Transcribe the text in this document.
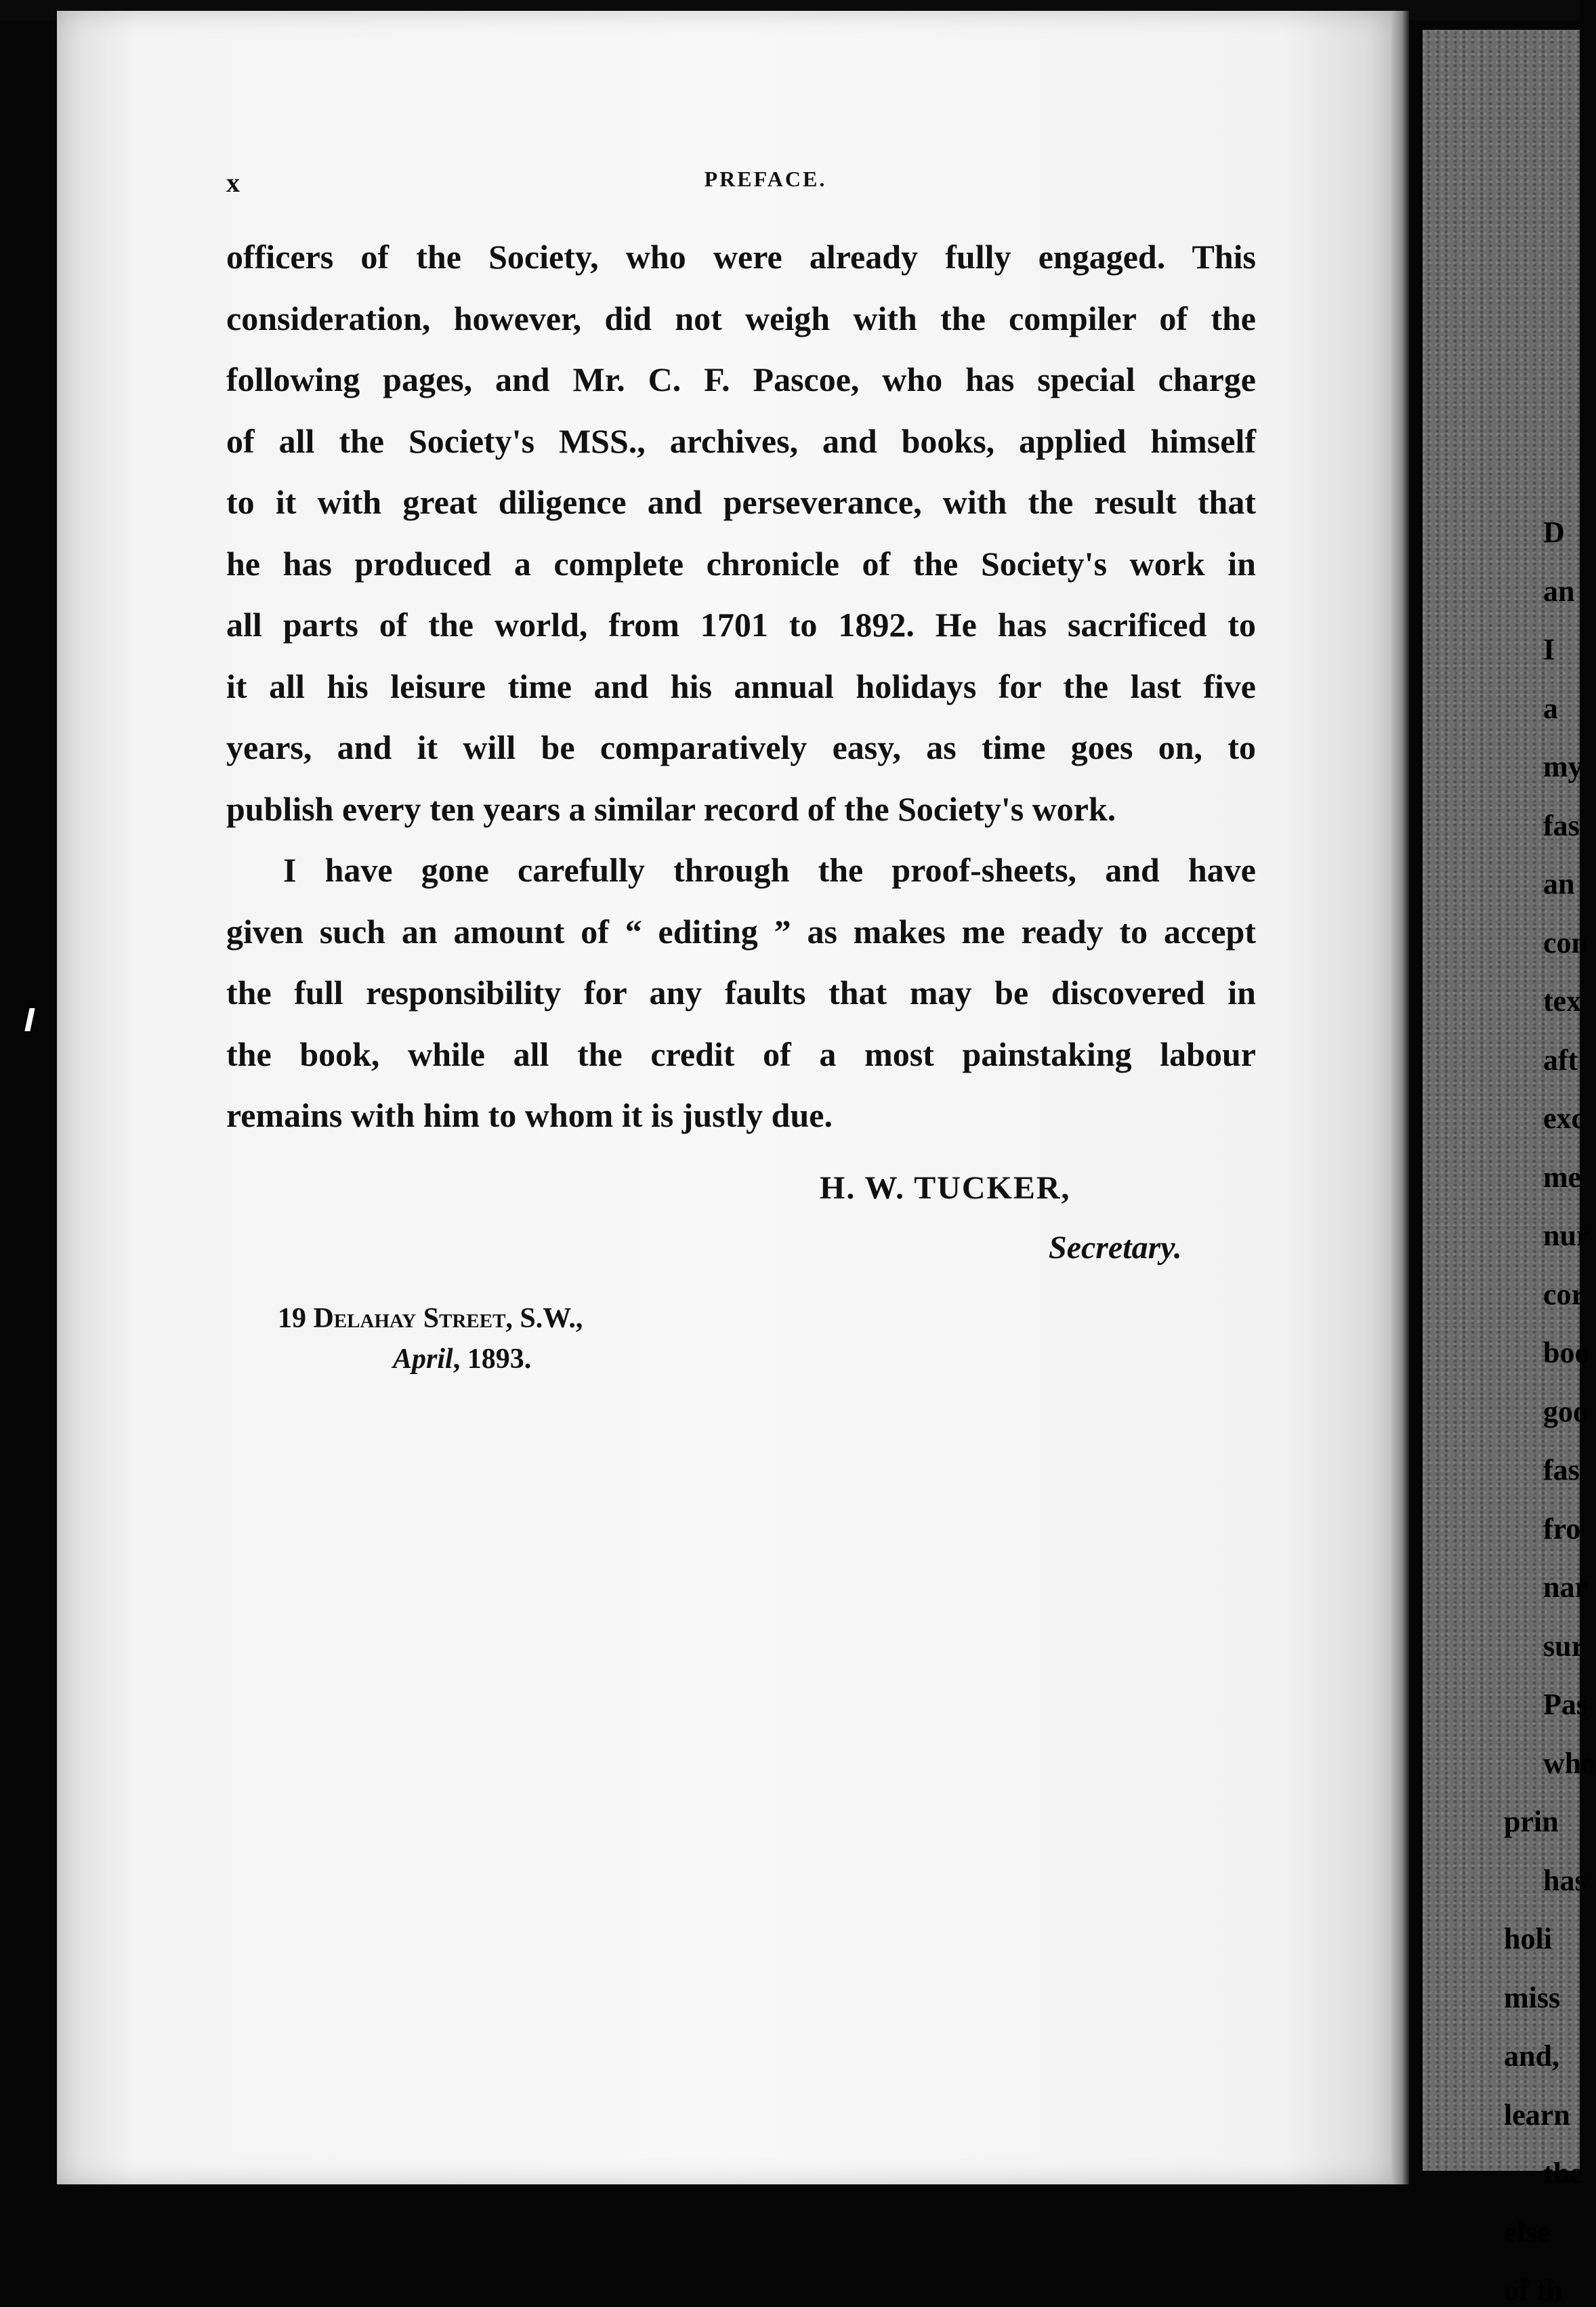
D
an
I
a
my
fas
an
con
tex
aft
exc
me
nur
cor
boo
goo
fas
fro
nar
sur
Pas
who
prin
has
holi
miss
and,
learn
the
else
of th
x	PREFACE.
officers of the Society, who were already fully engaged. This
consideration, however, did not weigh with the compiler of the
following pages, and Mr. C. F. Pascoe, who has special charge
of all the Society's MSS., archives, and books, applied himself
to it with great diligence and perseverance, with the result that
he has produced a complete chronicle of the Society's work in
all parts of the world, from 1701 to 1892. He has sacrificed to
it all his leisure time and his annual holidays for the last five
years, and it will be comparatively easy, as time goes on, to
publish every ten years a similar record of the Society's work.
I have gone carefully through the proof-sheets, and have
given such an amount of “ editing ” as makes me ready to accept
the full responsibility for any faults that may be discovered in
the book, while all the credit of a most painstaking labour
remains with him to whom it is justly due.
H. W. TUCKER,
Secretary.
19 Delahay Street, S.W.,
April, 1893.
